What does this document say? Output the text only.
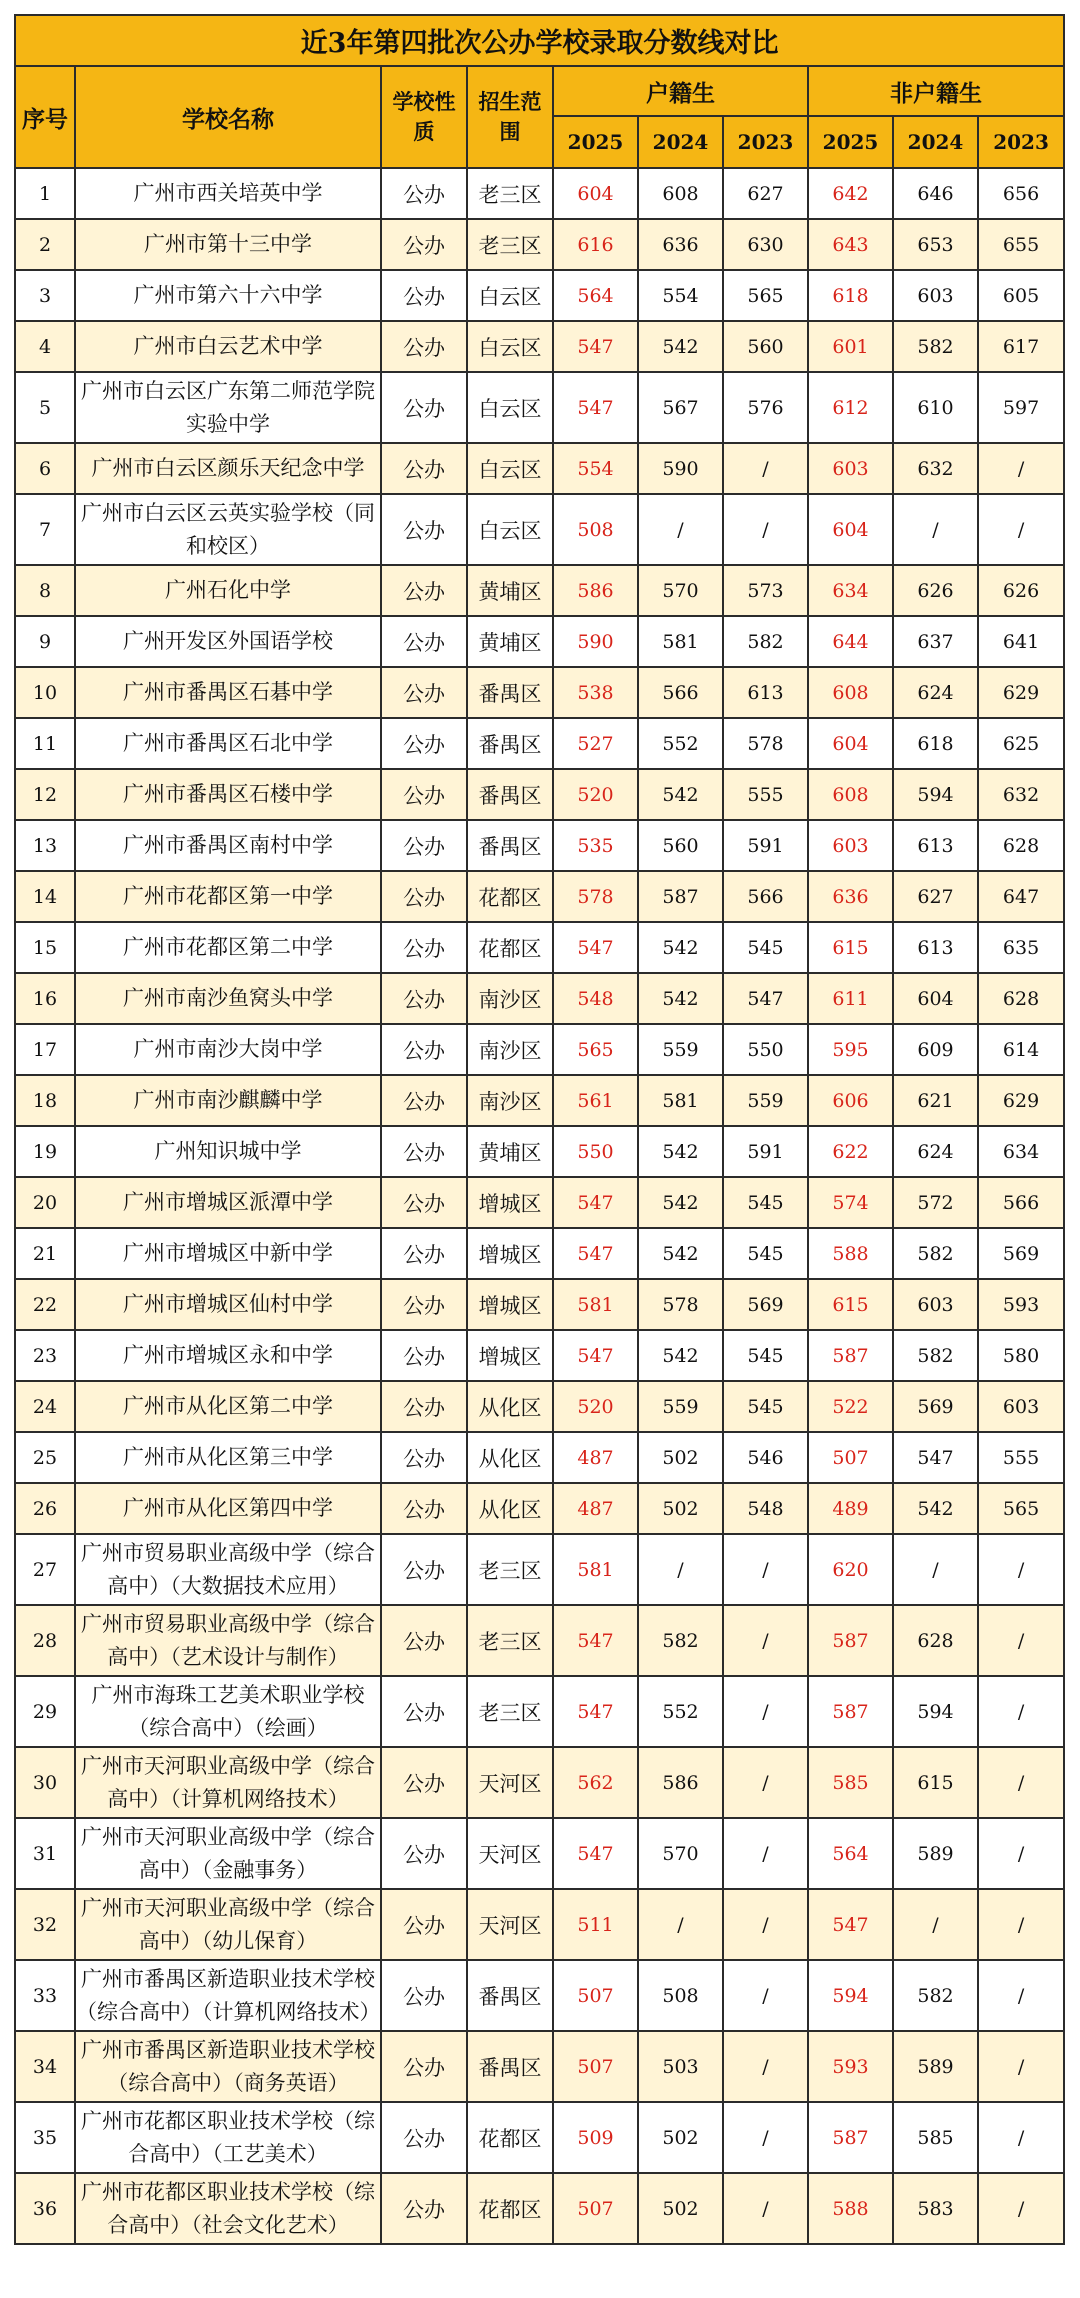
近3年第四批次公办学校录取分数线对比									
序号	学校名称	学校性质	招生范围	户籍生			非户籍生		
				2025	2024	2023	2025	2024	2023
1	广州市西关培英中学	公办	老三区	604	608	627	642	646	656
2	广州市第十三中学	公办	老三区	616	636	630	643	653	655
3	广州市第六十六中学	公办	白云区	564	554	565	618	603	605
4	广州市白云艺术中学	公办	白云区	547	542	560	601	582	617
5	广州市白云区广东第二师范学院实验中学	公办	白云区	547	567	576	612	610	597
6	广州市白云区颜乐天纪念中学	公办	白云区	554	590	/	603	632	/
7	广州市白云区云英实验学校（同和校区）	公办	白云区	508	/	/	604	/	/
8	广州石化中学	公办	黄埔区	586	570	573	634	626	626
9	广州开发区外国语学校	公办	黄埔区	590	581	582	644	637	641
10	广州市番禺区石碁中学	公办	番禺区	538	566	613	608	624	629
11	广州市番禺区石北中学	公办	番禺区	527	552	578	604	618	625
12	广州市番禺区石楼中学	公办	番禺区	520	542	555	608	594	632
13	广州市番禺区南村中学	公办	番禺区	535	560	591	603	613	628
14	广州市花都区第一中学	公办	花都区	578	587	566	636	627	647
15	广州市花都区第二中学	公办	花都区	547	542	545	615	613	635
16	广州市南沙鱼窝头中学	公办	南沙区	548	542	547	611	604	628
17	广州市南沙大岗中学	公办	南沙区	565	559	550	595	609	614
18	广州市南沙麒麟中学	公办	南沙区	561	581	559	606	621	629
19	广州知识城中学	公办	黄埔区	550	542	591	622	624	634
20	广州市增城区派潭中学	公办	增城区	547	542	545	574	572	566
21	广州市增城区中新中学	公办	增城区	547	542	545	588	582	569
22	广州市增城区仙村中学	公办	增城区	581	578	569	615	603	593
23	广州市增城区永和中学	公办	增城区	547	542	545	587	582	580
24	广州市从化区第二中学	公办	从化区	520	559	545	522	569	603
25	广州市从化区第三中学	公办	从化区	487	502	546	507	547	555
26	广州市从化区第四中学	公办	从化区	487	502	548	489	542	565
27	广州市贸易职业高级中学（综合高中）（大数据技术应用）	公办	老三区	581	/	/	620	/	/
28	广州市贸易职业高级中学（综合高中）（艺术设计与制作）	公办	老三区	547	582	/	587	628	/
29	广州市海珠工艺美术职业学校（综合高中）（绘画）	公办	老三区	547	552	/	587	594	/
30	广州市天河职业高级中学（综合高中）（计算机网络技术）	公办	天河区	562	586	/	585	615	/
31	广州市天河职业高级中学（综合高中）（金融事务）	公办	天河区	547	570	/	564	589	/
32	广州市天河职业高级中学（综合高中）（幼儿保育）	公办	天河区	511	/	/	547	/	/
33	广州市番禺区新造职业技术学校（综合高中）（计算机网络技术）	公办	番禺区	507	508	/	594	582	/
34	广州市番禺区新造职业技术学校（综合高中）（商务英语）	公办	番禺区	507	503	/	593	589	/
35	广州市花都区职业技术学校（综合高中）（工艺美术）	公办	花都区	509	502	/	587	585	/
36	广州市花都区职业技术学校（综合高中）（社会文化艺术）	公办	花都区	507	502	/	588	583	/
